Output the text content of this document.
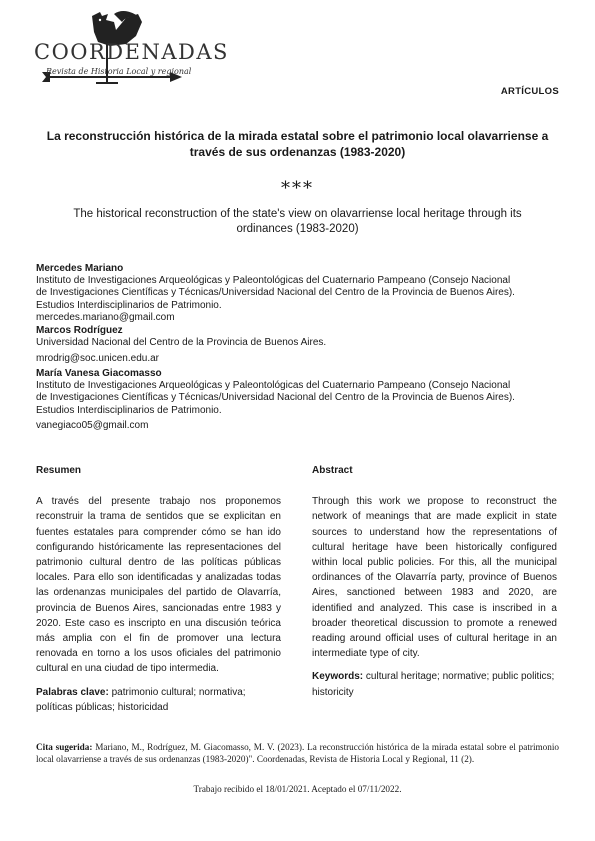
COORDENADAS
Revista de Historia Local y regional
ARTÍCULOS
La reconstrucción histórica de la mirada estatal sobre el patrimonio local olavarriense a través de sus ordenanzas (1983-2020)
***
The historical reconstruction of the state's view on olavarriense local heritage through its ordinances (1983-2020)
Mercedes Mariano
Instituto de Investigaciones Arqueológicas y Paleontológicas del Cuaternario Pampeano (Consejo Nacional
de Investigaciones Científicas y Técnicas/Universidad Nacional del Centro de la Provincia de Buenos Aires).
Estudios Interdisciplinarios de Patrimonio.
mercedes.mariano@gmail.com
Marcos Rodríguez
Universidad Nacional del Centro de la Provincia de Buenos Aires.
mrodrig@soc.unicen.edu.ar
María Vanesa Giacomasso
Instituto de Investigaciones Arqueológicas y Paleontológicas del Cuaternario Pampeano (Consejo Nacional
de Investigaciones Científicas y Técnicas/Universidad Nacional del Centro de la Provincia de Buenos Aires).
Estudios Interdisciplinarios de Patrimonio.
vanegiaco05@gmail.com
Resumen

A través del presente trabajo nos proponemos reconstruir la trama de sentidos que se explicitan en fuentes estatales para comprender cómo se han ido configurando históricamente las representaciones del patrimonio cultural dentro de las políticas públicas locales. Para ello son identificadas y analizadas todas las ordenanzas municipales del partido de Olavarría, provincia de Buenos Aires, sancionadas entre 1983 y 2020. Este caso es inscripto en una discusión teórica más amplia con el fin de promover una lectura renovada en torno a los usos oficiales del patrimonio cultural en una ciudad de tipo intermedia.

Palabras clave: patrimonio cultural; normativa; políticas públicas; historicidad

Abstract

Through this work we propose to reconstruct the network of meanings that are made explicit in state sources to understand how the representations of cultural heritage have been historically configured within local public policies. For this, all the municipal ordinances of the Olavarría party, province of Buenos Aires, sanctioned between 1983 and 2020, are identified and analyzed. This case is inscribed in a broader theoretical discussion to promote a renewed reading around official uses of cultural heritage in an intermediate type of city.

Keywords: cultural heritage; normative; public politics; historicity

Cita sugerida: Mariano, M., Rodríguez, M. Giacomasso, M. V. (2023). La reconstrucción histórica de la mirada estatal sobre el patrimonio local olavarriense a través de sus ordenanzas (1983-2020)". Coordenadas, Revista de Historia Local y Regional, 11 (2).
Trabajo recibido el 18/01/2021. Aceptado el 07/11/2022.
